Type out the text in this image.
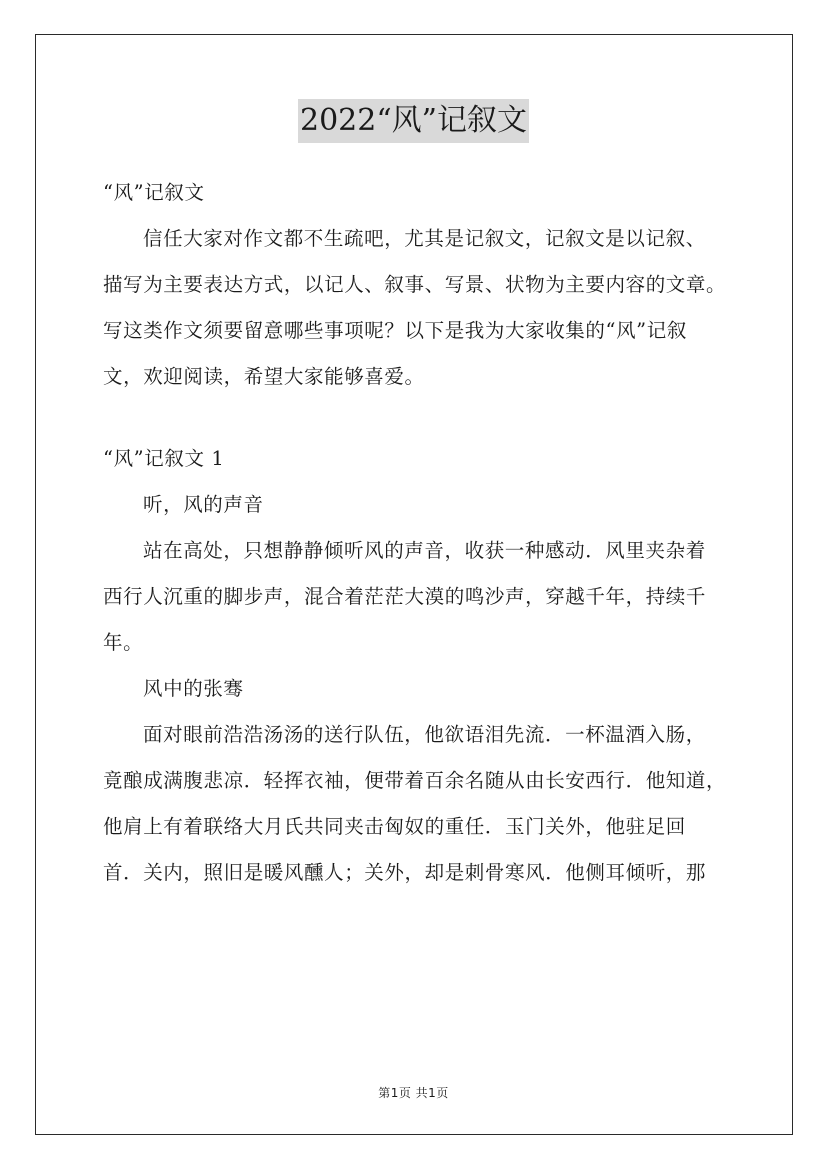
2022“风”记叙文
“风”记叙文
信任大家对作文都不生疏吧，尤其是记叙文，记叙文是以记叙、
描写为主要表达方式，以记人、叙事、写景、状物为主要内容的文章。
写这类作文须要留意哪些事项呢？以下是我为大家收集的“风”记叙
文，欢迎阅读，希望大家能够喜爱。
“风”记叙文 1
听，风的声音
站在高处，只想静静倾听风的声音，收获一种感动．风里夹杂着
西行人沉重的脚步声，混合着茫茫大漠的鸣沙声，穿越千年，持续千
年。
风中的张骞
面对眼前浩浩汤汤的送行队伍，他欲语泪先流．一杯温酒入肠，
竟酿成满腹悲凉．轻挥衣袖，便带着百余名随从由长安西行．他知道，
他肩上有着联络大月氏共同夹击匈奴的重任．玉门关外，他驻足回
首．关内，照旧是暖风醺人；关外，却是刺骨寒风．他侧耳倾听，那
第1页 共1页
